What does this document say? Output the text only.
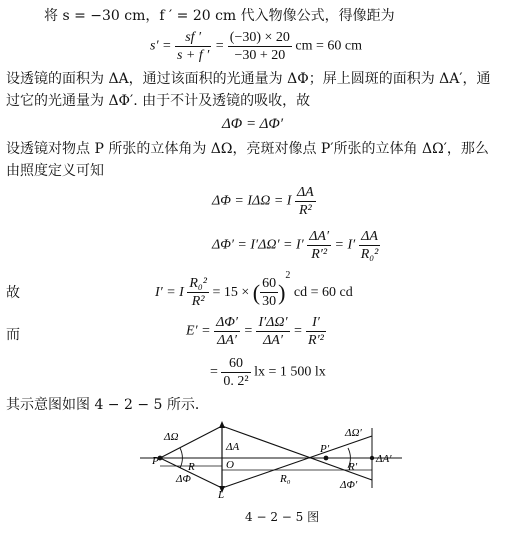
将 s = −30 cm，f ′ = 20 cm 代入物像公式，得像距为
$s' = \frac{sf '}{s + f '} = \frac{(-30) \times 20}{-30 + 20}$ cm = 60 cm
设透镜的面积为 ΔA，通过该面积的光通量为 ΔΦ；屏上圆斑的面积为 ΔA′，通
过它的光通量为 ΔΦ′. 由于不计及透镜的吸收，故
ΔΦ = ΔΦ′
设透镜对物点 P 所张的立体角为 ΔΩ，亮斑对像点 P′所张的立体角 ΔΩ′，那么
由照度定义可知
ΔΦ = IΔΩ = I $\frac{\Delta A}{\text{R²}}$
$\Delta\Phi' = I'\Delta\Omega' = I' \frac{\Delta A'}{\text{R′²}} = I' \frac{\Delta A}{\text{R₀²}}$
故	I′ = I $\frac{\text{R₀²}}{\text{R²}} = 15$ × ( $\frac{60}{30} )^2$ cd = 60 cd
而	$E' = \frac{\Delta\Phi'}{\Delta A'} = \frac{I'\Delta\Omega'}{\Delta A'} = \frac{I'}{\text{R′²}}$
= $\frac{60}{\text{0. 2²}}$ lx = 1 500 lx
其示意图如图 4 − 2 − 5 所示．
ΔΩ
P	R
ΔA
O
ΔΦ
L
P′
R₀
ΔΩ′
R′
ΔA′
ΔΦ′
4 − 2 − 5 图
